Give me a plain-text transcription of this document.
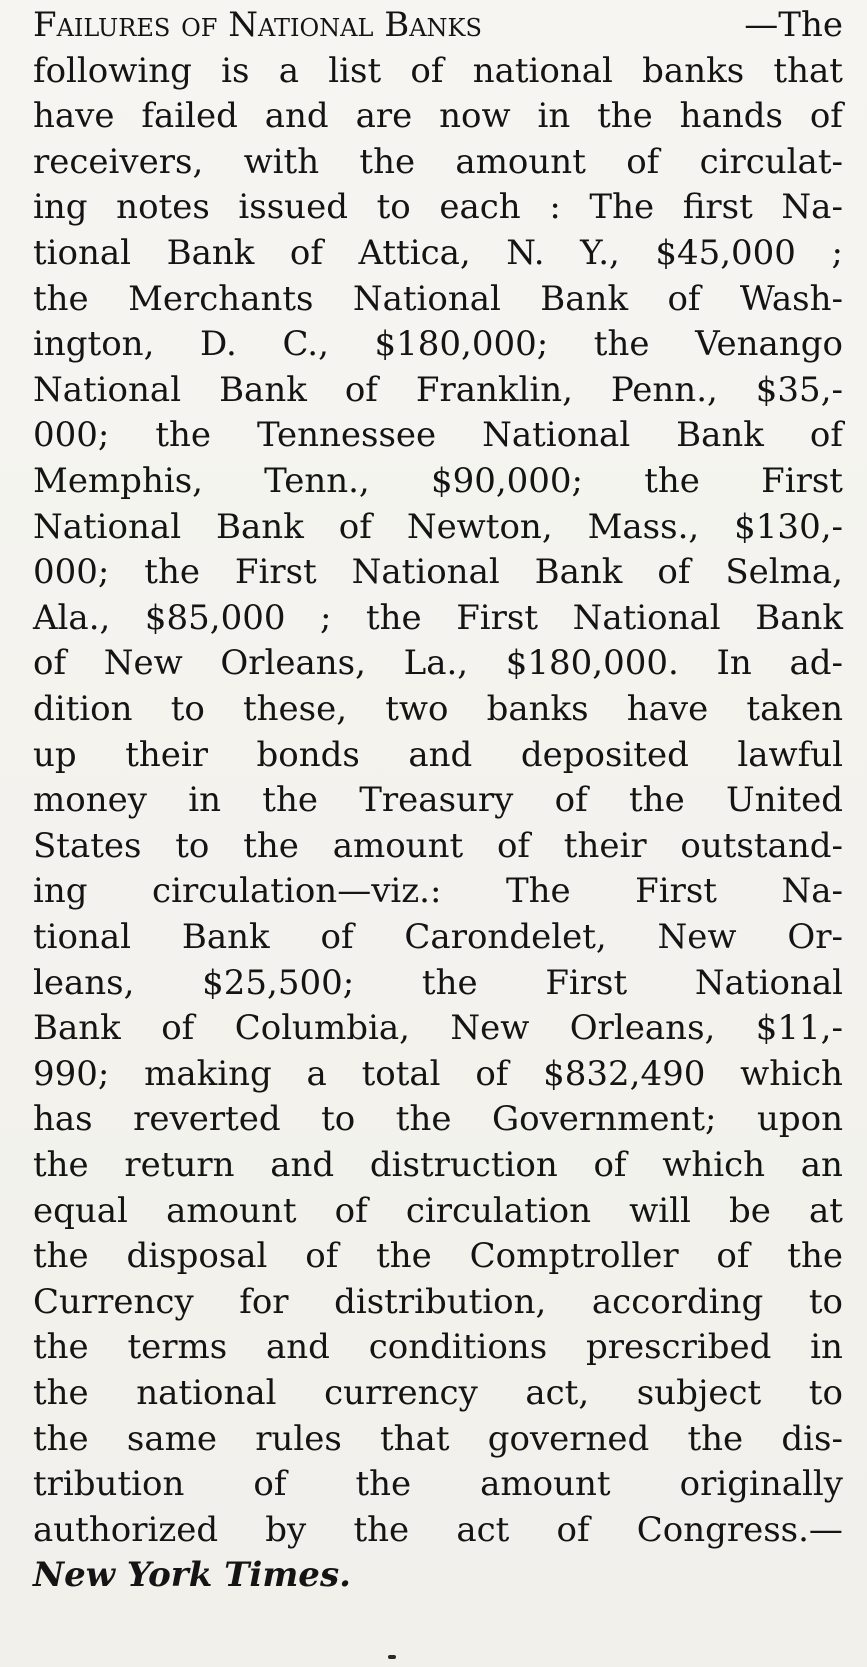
Failures of National Banks	—The
following is a list of national banks that
have failed and are now in the hands of
receivers, with the amount of circulat-
ing notes issued to each : The first Na-
tional Bank of Attica, N. Y., $45,000 ;
the Merchants National Bank of Wash-
ington, D. C., $180,000; the Venango
National Bank of Franklin, Penn., $35,-
000; the Tennessee National Bank of
Memphis, Tenn., $90,000; the First
National Bank of Newton, Mass., $130,-
000; the First National Bank of Selma,
Ala., $85,000 ; the First National Bank
of New Orleans, La., $180,000. In ad-
dition to these, two banks have taken
up their bonds and deposited lawful
money in the Treasury of the United
States to the amount of their outstand-
ing circulation—viz.: The First Na-
tional Bank of Carondelet, New Or-
leans, $25,500; the First National
Bank of Columbia, New Orleans, $11,-
990; making a total of $832,490 which
has reverted to the Government; upon
the return and distruction of which an
equal amount of circulation will be at
the disposal of the Comptroller of the
Currency for distribution, according to
the terms and conditions prescribed in
the national currency act, subject to
the same rules that governed the dis-
tribution of the amount originally
authorized by the act of Congress.—
New York Times.
